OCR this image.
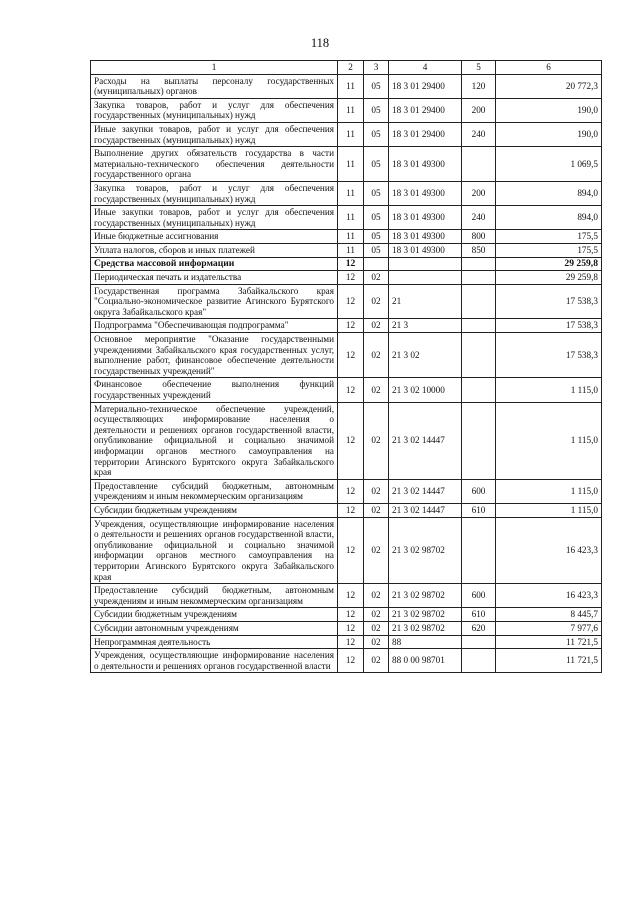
118
1	2	3	4	5	6
Расходы на выплаты персоналу государственных (муниципальных) органов	11	05	18 3 01 29400	120	20 772,3
Закупка товаров, работ и услуг для обеспечения государственных (муниципальных) нужд	11	05	18 3 01 29400	200	190,0
Иные закупки товаров, работ и услуг для обеспечения государственных (муниципальных) нужд	11	05	18 3 01 29400	240	190,0
Выполнение других обязательств государства в части материально-технического обеспечения деятельности государственного органа	11	05	18 3 01 49300		1 069,5
Закупка товаров, работ и услуг для обеспечения государственных (муниципальных) нужд	11	05	18 3 01 49300	200	894,0
Иные закупки товаров, работ и услуг для обеспечения государственных (муниципальных) нужд	11	05	18 3 01 49300	240	894,0
Иные бюджетные ассигнования	11	05	18 3 01 49300	800	175,5
Уплата налогов, сборов и иных платежей	11	05	18 3 01 49300	850	175,5
Средства массовой информации	12				29 259,8
Периодическая печать и издательства	12	02			29 259,8
Государственная программа Забайкальского края "Социально-экономическое развитие Агинского Бурятского округа Забайкальского края"	12	02	21		17 538,3
Подпрограмма "Обеспечивающая подпрограмма"	12	02	21 3		17 538,3
Основное мероприятие "Оказание государственными учреждениями Забайкальского края государственных услуг, выполнение работ, финансовое обеспечение деятельности государственных учреждений"	12	02	21 3 02		17 538,3
Финансовое обеспечение выполнения функций государственных учреждений	12	02	21 3 02 10000		1 115,0
Материально-техническое обеспечение учреждений, осуществляющих информирование населения о деятельности и решениях органов государственной власти, опубликование официальной и социально значимой информации органов местного самоуправления на территории Агинского Бурятского округа Забайкальского края	12	02	21 3 02 14447		1 115,0
Предоставление субсидий бюджетным, автономным учреждениям и иным некоммерческим организациям	12	02	21 3 02 14447	600	1 115,0
Субсидии бюджетным учреждениям	12	02	21 3 02 14447	610	1 115,0
Учреждения, осуществляющие информирование населения о деятельности и решениях органов государственной власти, опубликование официальной и социально значимой информации органов местного самоуправления на территории Агинского Бурятского округа Забайкальского края	12	02	21 3 02 98702		16 423,3
Предоставление субсидий бюджетным, автономным учреждениям и иным некоммерческим организациям	12	02	21 3 02 98702	600	16 423,3
Субсидии бюджетным учреждениям	12	02	21 3 02 98702	610	8 445,7
Субсидии автономным учреждениям	12	02	21 3 02 98702	620	7 977,6
Непрограммная деятельность	12	02	88		11 721,5
Учреждения, осуществляющие информирование населения о деятельности и решениях органов государственной власти	12	02	88 0 00 98701		11 721,5
